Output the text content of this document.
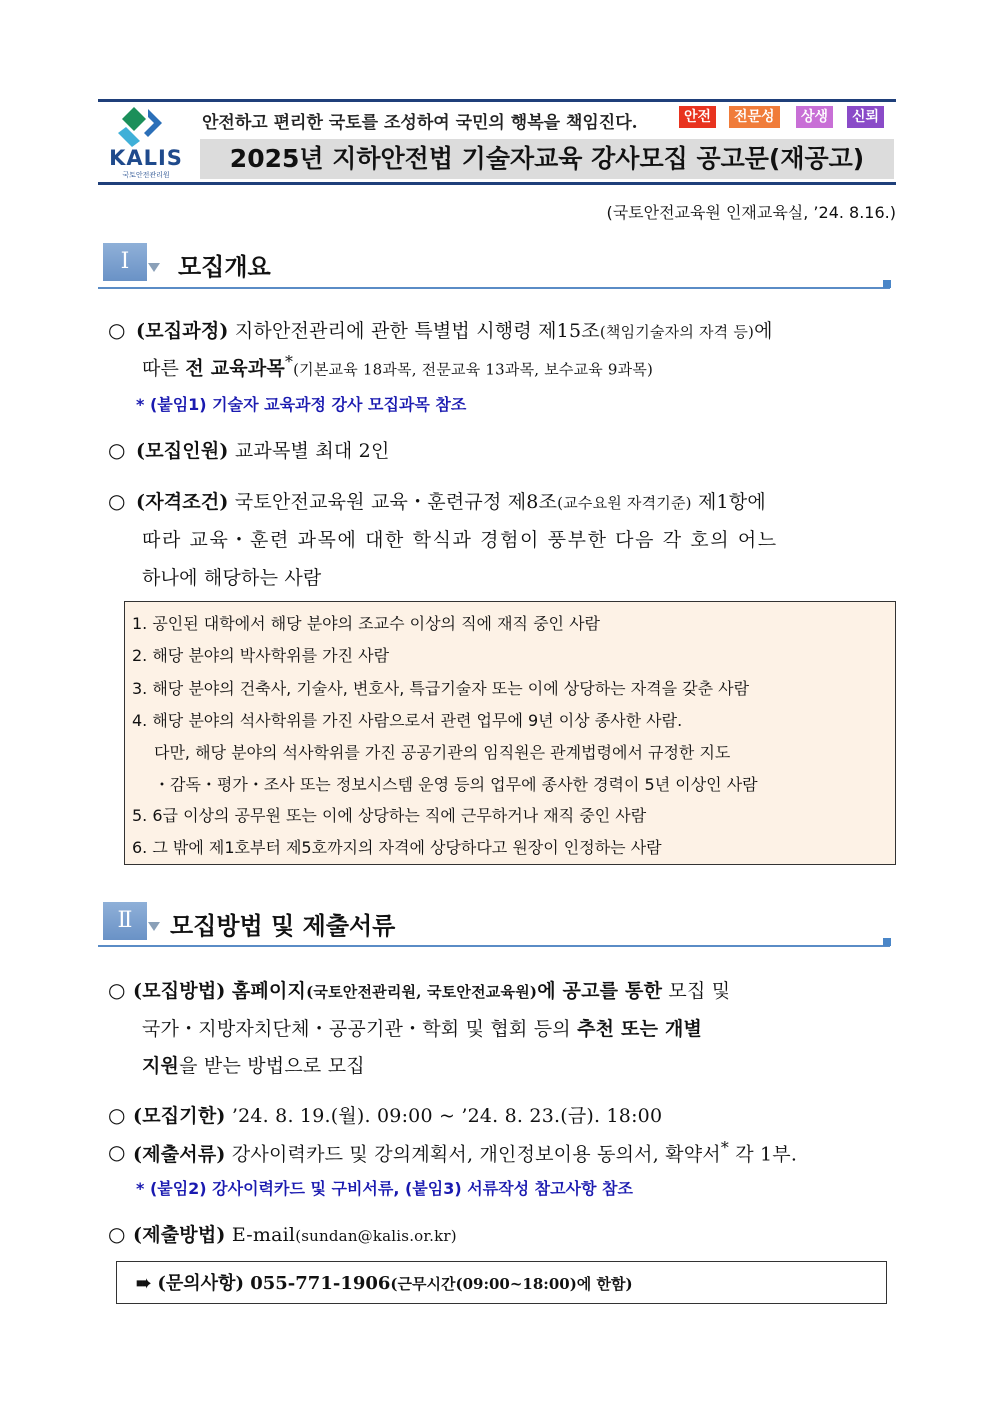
KALIS
국토안전관리원
안전하고 편리한 국토를 조성하여 국민의 행복을 책임진다.	안전	전문성	상생	신뢰
2025년 지하안전법 기술자교육 강사모집 공고문(재공고)
(국토안전교육원 인재교육실, ’24. 8.16.)
Ⅰ	모집개요
○ (모집과정) 지하안전관리에 관한 특별법 시행령 제15조(책임기술자의 자격 등)에
따른 전 교육과목*(기본교육 18과목, 전문교육 13과목, 보수교육 9과목)
* (붙임1) 기술자 교육과정 강사 모집과목 참조
○ (모집인원) 교과목별 최대 2인
○ (자격조건) 국토안전교육원 교육・훈련규정 제8조(교수요원 자격기준) 제1항에
따라 교육・훈련 과목에 대한 학식과 경험이 풍부한 다음 각 호의 어느
하나에 해당하는 사람
1. 공인된 대학에서 해당 분야의 조교수 이상의 직에 재직 중인 사람
2. 해당 분야의 박사학위를 가진 사람
3. 해당 분야의 건축사, 기술사, 변호사, 특급기술자 또는 이에 상당하는 자격을 갖춘 사람
4. 해당 분야의 석사학위를 가진 사람으로서 관련 업무에 9년 이상 종사한 사람.
다만, 해당 분야의 석사학위를 가진 공공기관의 임직원은 관계법령에서 규정한 지도
・감독・평가・조사 또는 정보시스템 운영 등의 업무에 종사한 경력이 5년 이상인 사람
5. 6급 이상의 공무원 또는 이에 상당하는 직에 근무하거나 재직 중인 사람
6. 그 밖에 제1호부터 제5호까지의 자격에 상당하다고 원장이 인정하는 사람
Ⅱ	모집방법 및 제출서류
○ (모집방법) 홈페이지(국토안전관리원, 국토안전교육원)에 공고를 통한 모집 및
국가・지방자치단체・공공기관・학회 및 협회 등의 추천 또는 개별
지원을 받는 방법으로 모집
○ (모집기한) ’24. 8. 19.(월). 09:00 ~ ’24. 8. 23.(금). 18:00
○ (제출서류) 강사이력카드 및 강의계획서, 개인정보이용 동의서, 확약서* 각 1부.
* (붙임2) 강사이력카드 및 구비서류, (붙임3) 서류작성 참고사항 참조
○ (제출방법) E-mail(sundan@kalis.or.kr)
➠ (문의사항) 055-771-1906(근무시간(09:00~18:00)에 한함)
